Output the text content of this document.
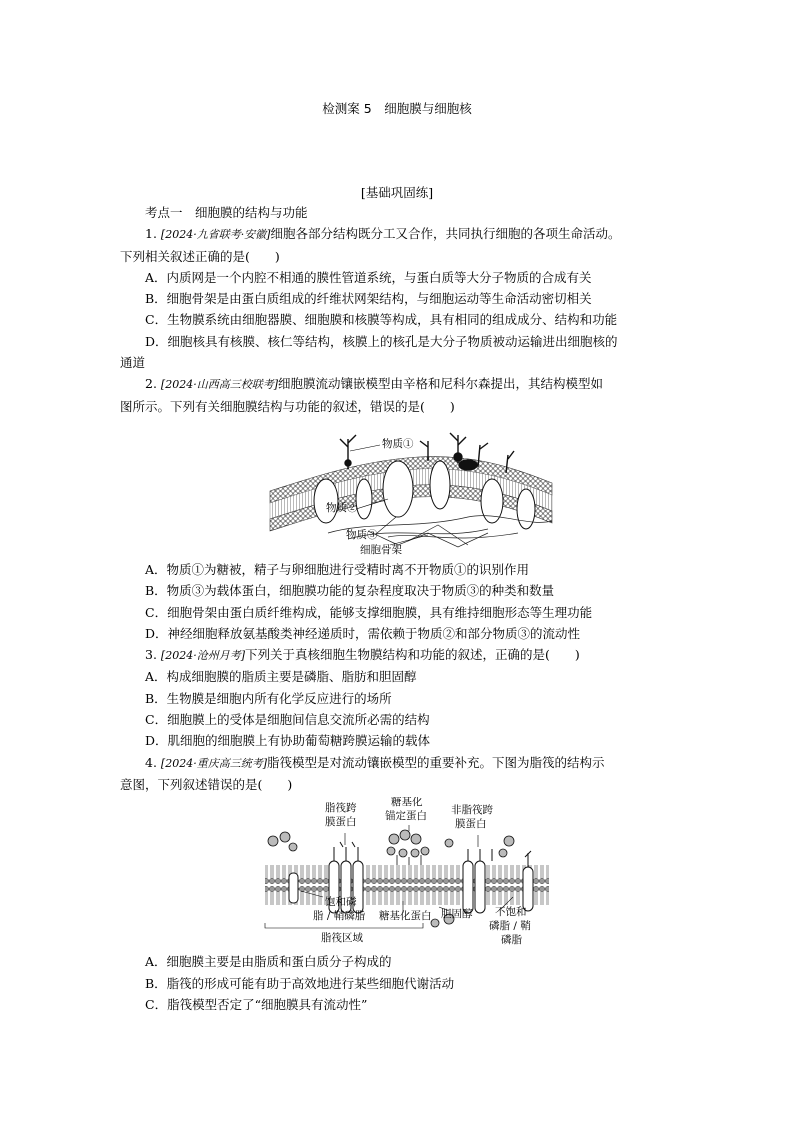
检测案 5　细胞膜与细胞核
[基础巩固练]
考点一　细胞膜的结构与功能
1. [2024·九省联考·安徽]细胞各部分结构既分工又合作，共同执行细胞的各项生命活动。
下列相关叙述正确的是(　　)
A．内质网是一个内腔不相通的膜性管道系统，与蛋白质等大分子物质的合成有关
B．细胞骨架是由蛋白质组成的纤维状网架结构，与细胞运动等生命活动密切相关
C．生物膜系统由细胞器膜、细胞膜和核膜等构成，具有相同的组成成分、结构和功能
D．细胞核具有核膜、核仁等结构，核膜上的核孔是大分子物质被动运输进出细胞核的
通道
2. [2024·山西高三校联考]细胞膜流动镶嵌模型由辛格和尼科尔森提出，其结构模型如
图所示。下列有关细胞膜结构与功能的叙述，错误的是(　　)
物质①
物质②
物质③
细胞骨架
A．物质①为糖被，精子与卵细胞进行受精时离不开物质①的识别作用
B．物质③为载体蛋白，细胞膜功能的复杂程度取决于物质③的种类和数量
C．细胞骨架由蛋白质纤维构成，能够支撑细胞膜，具有维持细胞形态等生理功能
D．神经细胞释放氨基酸类神经递质时，需依赖于物质②和部分物质③的流动性
3. [2024·沧州月考]下列关于真核细胞生物膜结构和功能的叙述，正确的是(　　)
A．构成细胞膜的脂质主要是磷脂、脂肪和胆固醇
B．生物膜是细胞内所有化学反应进行的场所
C．细胞膜上的受体是细胞间信息交流所必需的结构
D．肌细胞的细胞膜上有协助葡萄糖跨膜运输的载体
4. [2024·重庆高三统考]脂筏模型是对流动镶嵌模型的重要补充。下图为脂筏的结构示
意图，下列叙述错误的是(　　)
脂筏跨
膜蛋白
糖基化
锚定蛋白 非脂筏跨
膜蛋白
饱和磷
脂 / 鞘磷脂 糖基化蛋白 胆固醇 不饱和
磷脂 / 鞘
磷脂
脂筏区域
A．细胞膜主要是由脂质和蛋白质分子构成的
B．脂筏的形成可能有助于高效地进行某些细胞代谢活动
C．脂筏模型否定了“细胞膜具有流动性”
